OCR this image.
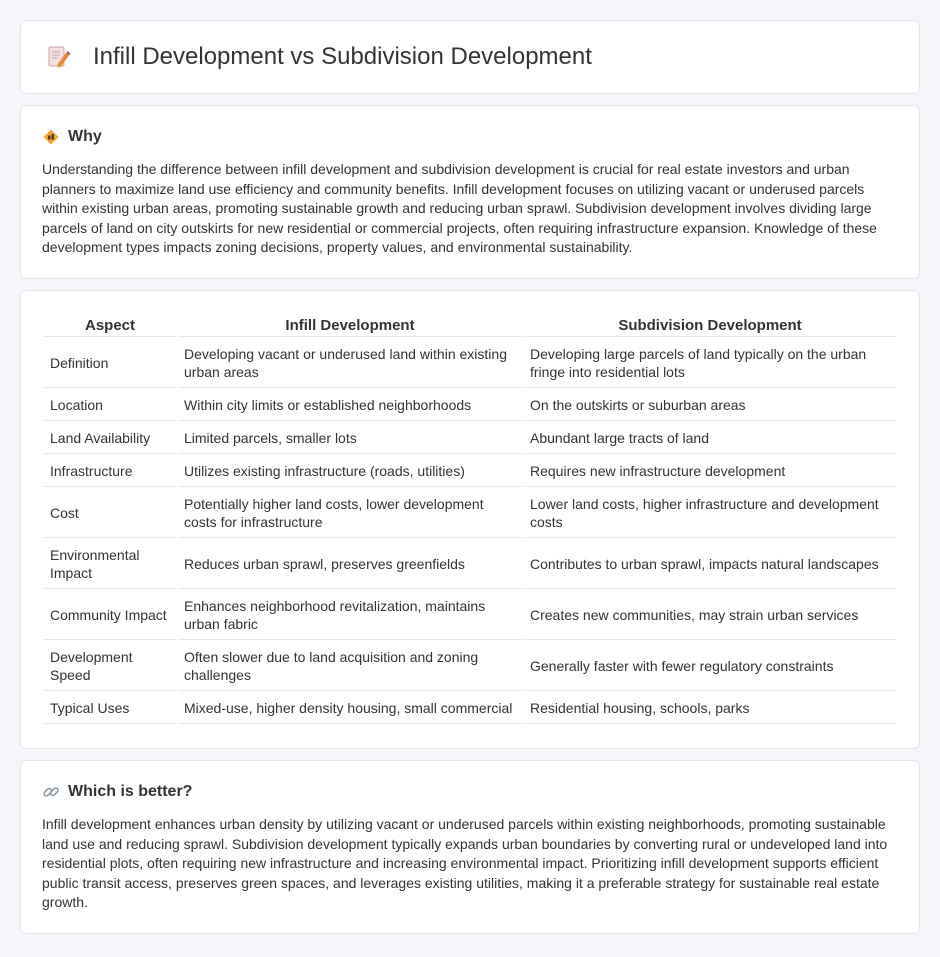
Infill Development vs Subdivision Development
Why

Understanding the difference between infill development and subdivision development is crucial for real estate investors and urban planners to maximize land use efficiency and community benefits. Infill development focuses on utilizing vacant or underused parcels within existing urban areas, promoting sustainable growth and reducing urban sprawl. Subdivision development involves dividing large parcels of land on city outskirts for new residential or commercial projects, often requiring infrastructure expansion. Knowledge of these development types impacts zoning decisions, property values, and environmental sustainability.

Aspect	Infill Development	Subdivision Development
Definition	Developing vacant or underused land within existing urban areas	Developing large parcels of land typically on the urban fringe into residential lots
Location	Within city limits or established neighborhoods	On the outskirts or suburban areas
Land Availability	Limited parcels, smaller lots	Abundant large tracts of land
Infrastructure	Utilizes existing infrastructure (roads, utilities)	Requires new infrastructure development
Cost	Potentially higher land costs, lower development costs for infrastructure	Lower land costs, higher infrastructure and development costs
Environmental Impact	Reduces urban sprawl, preserves greenfields	Contributes to urban sprawl, impacts natural landscapes
Community Impact	Enhances neighborhood revitalization, maintains urban fabric	Creates new communities, may strain urban services
Development Speed	Often slower due to land acquisition and zoning challenges	Generally faster with fewer regulatory constraints
Typical Uses	Mixed-use, higher density housing, small commercial	Residential housing, schools, parks
Which is better?

Infill development enhances urban density by utilizing vacant or underused parcels within existing neighborhoods, promoting sustainable land use and reducing sprawl. Subdivision development typically expands urban boundaries by converting rural or undeveloped land into residential plots, often requiring new infrastructure and increasing environmental impact. Prioritizing infill development supports efficient public transit access, preserves green spaces, and leverages existing utilities, making it a preferable strategy for sustainable real estate growth.
